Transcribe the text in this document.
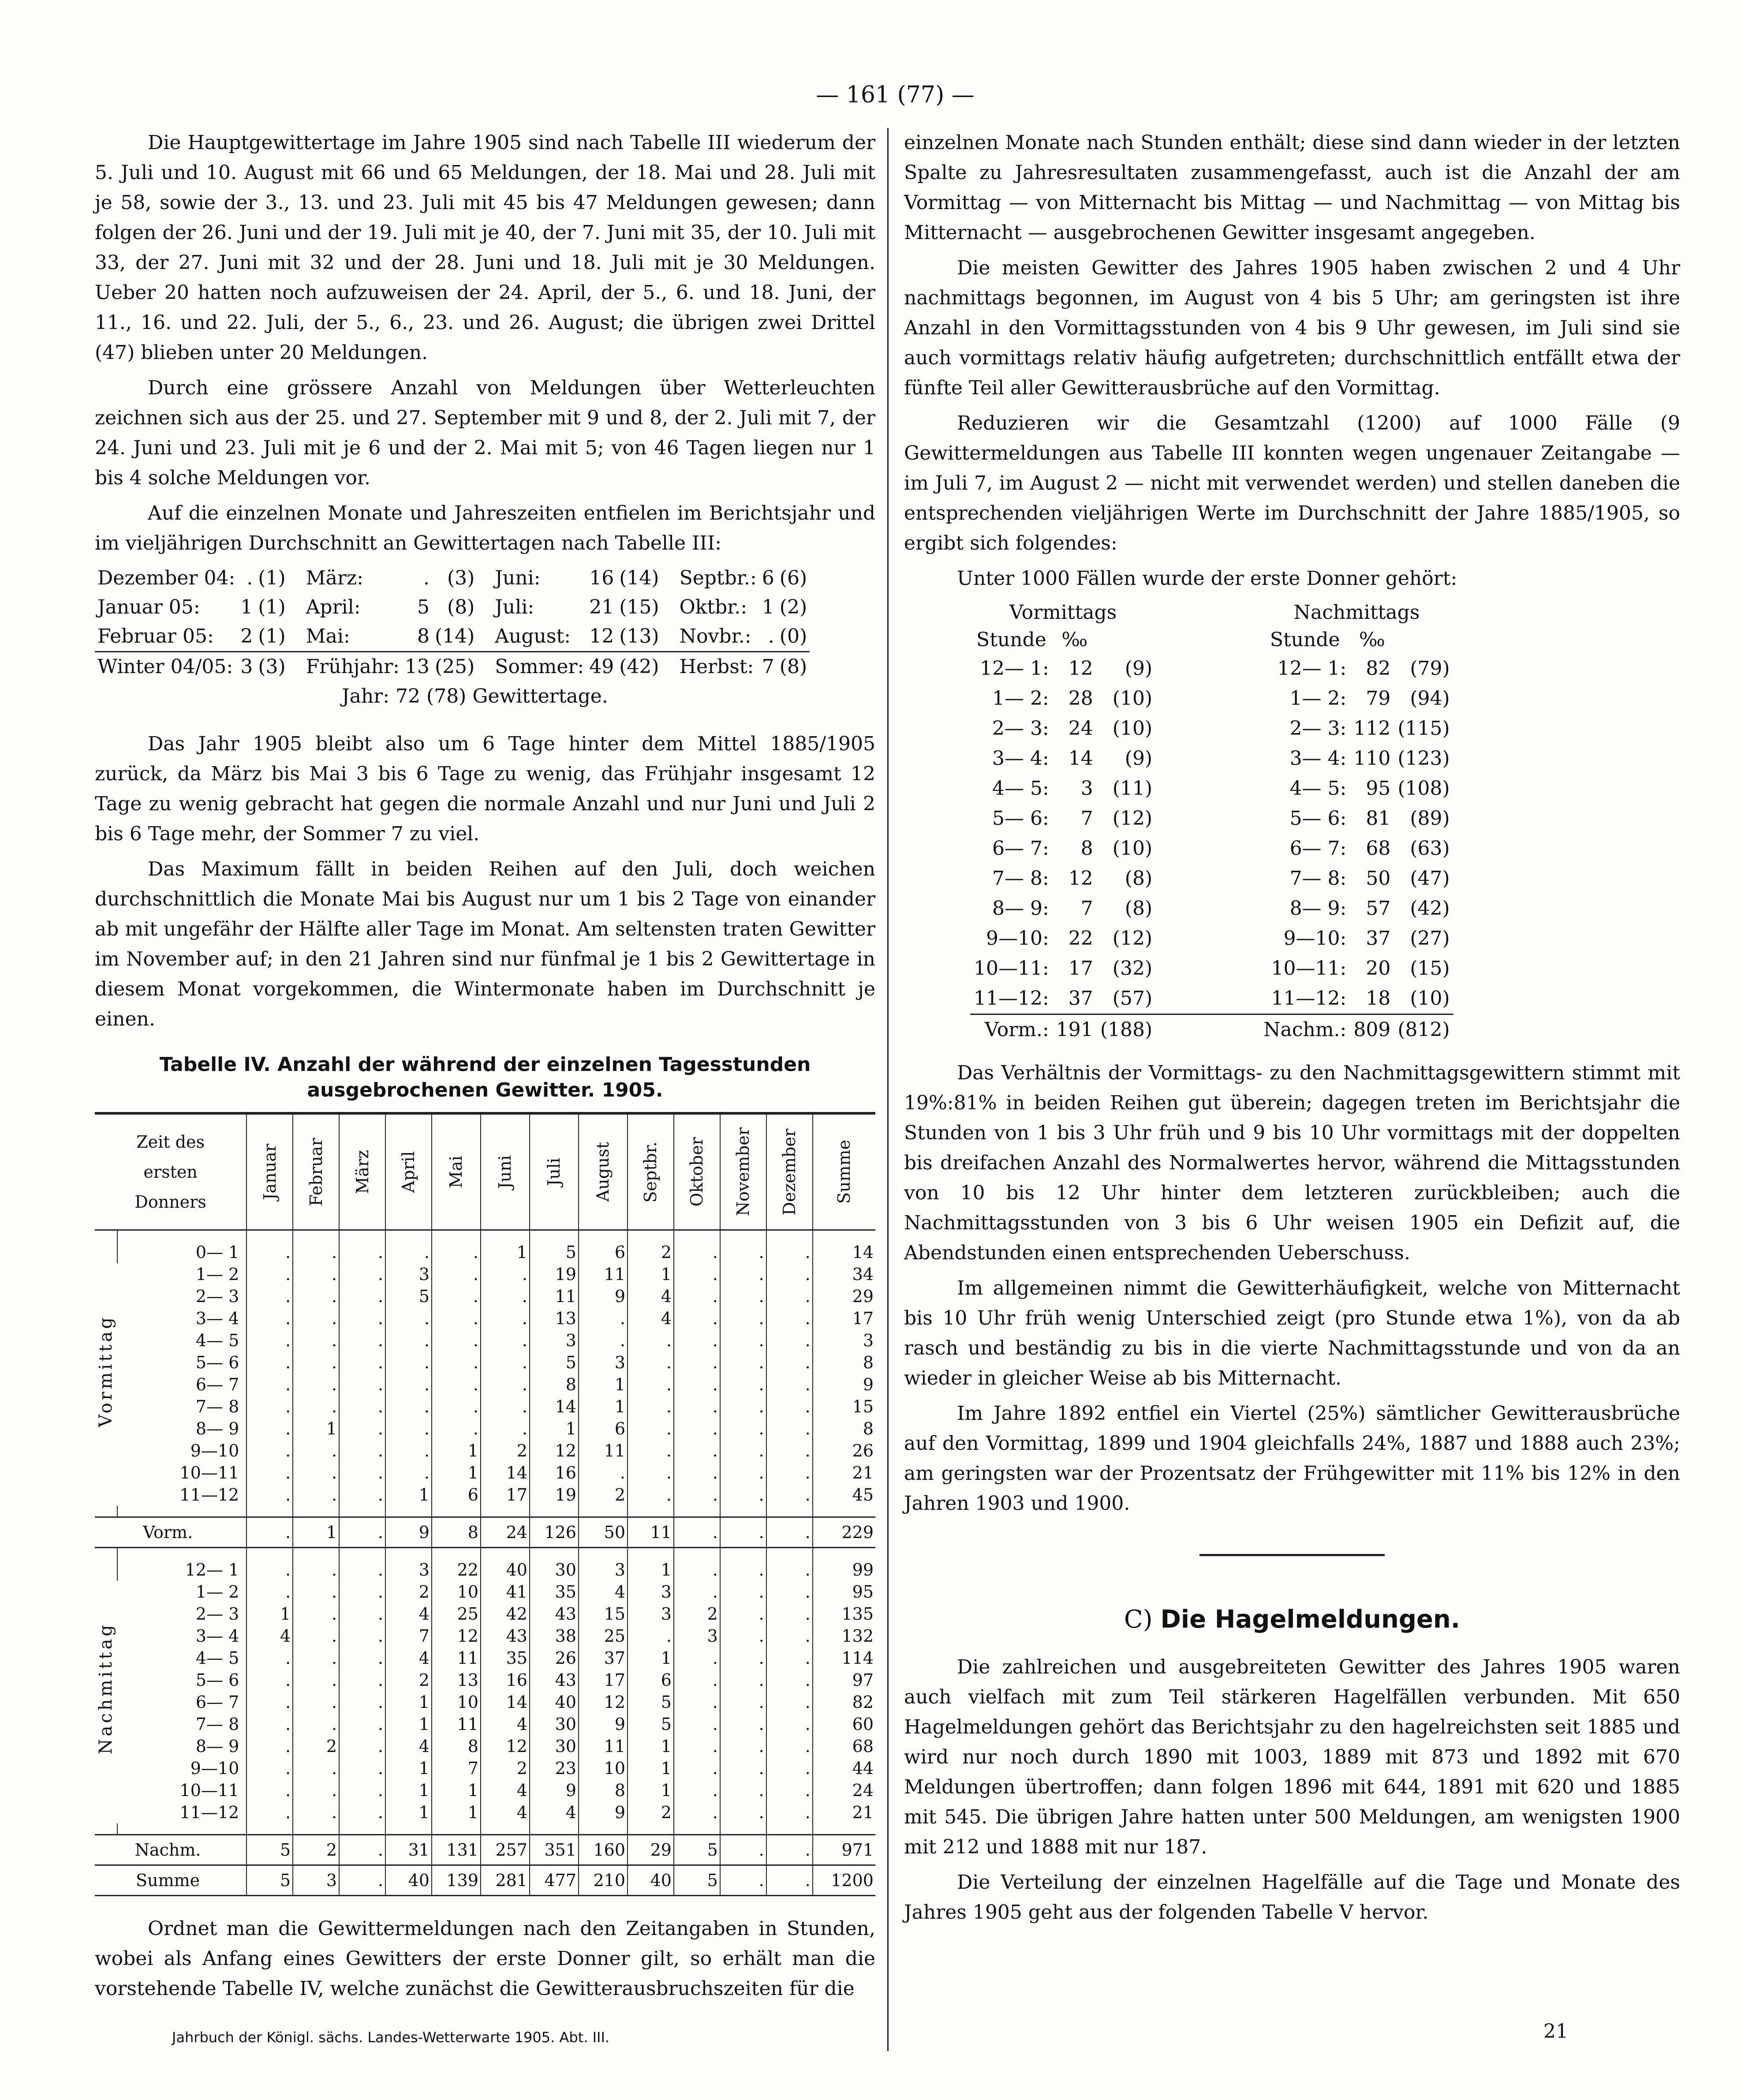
— 161 (77) —

Die Hauptgewittertage im Jahre 1905 sind nach Tabelle III wiederum der 5. Juli und 10. August mit 66 und 65 Meldungen, der 18. Mai und 28. Juli mit je 58, sowie der 3., 13. und 23. Juli mit 45 bis 47 Meldungen gewesen; dann folgen der 26. Juni und der 19. Juli mit je 40, der 7. Juni mit 35, der 10. Juli mit 33, der 27. Juni mit 32 und der 28. Juni und 18. Juli mit je 30 Meldungen. Ueber 20 hatten noch aufzuweisen der 24. April, der 5., 6. und 18. Juni, der 11., 16. und 22. Juli, der 5., 6., 23. und 26. August; die übrigen zwei Drittel (47) blieben unter 20 Meldungen.

Durch eine grössere Anzahl von Meldungen über Wetterleuchten zeichnen sich aus der 25. und 27. September mit 9 und 8, der 2. Juli mit 7, der 24. Juni und 23. Juli mit je 6 und der 2. Mai mit 5; von 46 Tagen liegen nur 1 bis 4 solche Meldungen vor.

Auf die einzelnen Monate und Jahreszeiten entfielen im Berichtsjahr und im vieljährigen Durchschnitt an Gewittertagen nach Tabelle III:

Dezember 04:	.	(1)	März:	.	(3)	Juni:	16	(14)	Septbr.:	6	(6)
Januar 05:	1	(1)	April:	5	(8)	Juli:	21	(15)	Oktbr.:	1	(2)
Februar 05:	2	(1)	Mai:	8	(14)	August:	12	(13)	Novbr.:	.	(0)
Winter 04/05:	3	(3)	Frühjahr:	13	(25)	Sommer:	49	(42)	Herbst:	7	(8)
Jahr: 72 (78) Gewittertage.

Das Jahr 1905 bleibt also um 6 Tage hinter dem Mittel 1885/1905 zurück, da März bis Mai 3 bis 6 Tage zu wenig, das Frühjahr insgesamt 12 Tage zu wenig gebracht hat gegen die normale Anzahl und nur Juni und Juli 2 bis 6 Tage mehr, der Sommer 7 zu viel.

Das Maximum fällt in beiden Reihen auf den Juli, doch weichen durchschnittlich die Monate Mai bis August nur um 1 bis 2 Tage von einander ab mit ungefähr der Hälfte aller Tage im Monat. Am seltensten traten Gewitter im November auf; in den 21 Jahren sind nur fünfmal je 1 bis 2 Gewittertage in diesem Monat vorgekommen, die Wintermonate haben im Durchschnitt je einen.

Tabelle IV. Anzahl der während der einzelnen Tagesstunden
ausgebrochenen Gewitter. 1905.
Zeit des
ersten
Donners		Januar	Februar	März	April	Mai	Juni	Juli	August	Septbr.	Oktober	November	Dezember	Summe

Vormittag	0— 1	.	.	.	.	.	1	5	6	2	.	.	.	14
	1— 2	.	.	.	3	.	.	19	11	1	.	.	.	34
	2— 3	.	.	.	5	.	.	11	9	4	.	.	.	29
	3— 4	.	.	.	.	.	.	13	.	4	.	.	.	17
	4— 5	.	.	.	.	.	.	3	.	.	.	.	.	3
	5— 6	.	.	.	.	.	.	5	3	.	.	.	.	8
	6— 7	.	.	.	.	.	.	8	1	.	.	.	.	9
	7— 8	.	.	.	.	.	.	14	1	.	.	.	.	15
	8— 9	.	1	.	.	.	.	1	6	.	.	.	.	8
	9—10	.	.	.	.	1	2	12	11	.	.	.	.	26
	10—11	.	.	.	.	1	14	16	.	.	.	.	.	21
	11—12	.	.	.	1	6	17	19	2	.	.	.	.	45

Vorm.		.	1	.	9	8	24	126	50	11	.	.	.	229

Nachmittag	12— 1	.	.	.	3	22	40	30	3	1	.	.	.	99
	1— 2	.	.	.	2	10	41	35	4	3	.	.	.	95
	2— 3	1	.	.	4	25	42	43	15	3	2	.	.	135
	3— 4	4	.	.	7	12	43	38	25	.	3	.	.	132
	4— 5	.	.	.	4	11	35	26	37	1	.	.	.	114
	5— 6	.	.	.	2	13	16	43	17	6	.	.	.	97
	6— 7	.	.	.	1	10	14	40	12	5	.	.	.	82
	7— 8	.	.	.	1	11	4	30	9	5	.	.	.	60
	8— 9	.	2	.	4	8	12	30	11	1	.	.	.	68
	9—10	.	.	.	1	7	2	23	10	1	.	.	.	44
	10—11	.	.	.	1	1	4	9	8	1	.	.	.	24
	11—12	.	.	.	1	1	4	4	9	2	.	.	.	21

Nachm.		5	2	.	31	131	257	351	160	29	5	.	.	971
Summe		5	3	.	40	139	281	477	210	40	5	.	.	1200

Ordnet man die Gewittermeldungen nach den Zeitangaben in Stunden, wobei als Anfang eines Gewitters der erste Donner gilt, so erhält man die vorstehende Tabelle IV, welche zunächst die Gewitterausbruchszeiten für die

einzelnen Monate nach Stunden enthält; diese sind dann wieder in der letzten Spalte zu Jahresresultaten zusammengefasst, auch ist die Anzahl der am Vormittag — von Mitternacht bis Mittag — und Nachmittag — von Mittag bis Mitternacht — ausgebrochenen Gewitter insgesamt angegeben.

Die meisten Gewitter des Jahres 1905 haben zwischen 2 und 4 Uhr nachmittags begonnen, im August von 4 bis 5 Uhr; am geringsten ist ihre Anzahl in den Vormittagsstunden von 4 bis 9 Uhr gewesen, im Juli sind sie auch vormittags relativ häufig aufgetreten; durchschnittlich entfällt etwa der fünfte Teil aller Gewitterausbrüche auf den Vormittag.

Reduzieren wir die Gesamtzahl (1200) auf 1000 Fälle (9 Gewittermeldungen aus Tabelle III konnten wegen ungenauer Zeitangabe — im Juli 7, im August 2 — nicht mit verwendet werden) und stellen daneben die entsprechenden vieljährigen Werte im Durchschnitt der Jahre 1885/1905, so ergibt sich folgendes:

Unter 1000 Fällen wurde der erste Donner gehört:

Vormittags				Nachmittags		
Stunde	‰			Stunde	‰	
12— 1:	12	(9)		12— 1:	82	(79)
1— 2:	28	(10)		1— 2:	79	(94)
2— 3:	24	(10)		2— 3:	112	(115)
3— 4:	14	(9)		3— 4:	110	(123)
4— 5:	3	(11)		4— 5:	95	(108)
5— 6:	7	(12)		5— 6:	81	(89)
6— 7:	8	(10)		6— 7:	68	(63)
7— 8:	12	(8)		7— 8:	50	(47)
8— 9:	7	(8)		8— 9:	57	(42)
9—10:	22	(12)		9—10:	37	(27)
10—11:	17	(32)		10—11:	20	(15)
11—12:	37	(57)		11—12:	18	(10)
Vorm.:	191	(188)		Nachm.:	809	(812)

Das Verhältnis der Vormittags- zu den Nachmittagsgewittern stimmt mit 19%:81% in beiden Reihen gut überein; dagegen treten im Berichtsjahr die Stunden von 1 bis 3 Uhr früh und 9 bis 10 Uhr vormittags mit der doppelten bis dreifachen Anzahl des Normalwertes hervor, während die Mittagsstunden von 10 bis 12 Uhr hinter dem letzteren zurückbleiben; auch die Nachmittagsstunden von 3 bis 6 Uhr weisen 1905 ein Defizit auf, die Abendstunden einen entsprechenden Ueberschuss.

Im allgemeinen nimmt die Gewitterhäufigkeit, welche von Mitternacht bis 10 Uhr früh wenig Unterschied zeigt (pro Stunde etwa 1%), von da ab rasch und beständig zu bis in die vierte Nachmittagsstunde und von da an wieder in gleicher Weise ab bis Mitternacht.

Im Jahre 1892 entfiel ein Viertel (25%) sämtlicher Gewitterausbrüche auf den Vormittag, 1899 und 1904 gleichfalls 24%, 1887 und 1888 auch 23%; am geringsten war der Prozentsatz der Frühgewitter mit 11% bis 12% in den Jahren 1903 und 1900.

C) Die Hagelmeldungen.

Die zahlreichen und ausgebreiteten Gewitter des Jahres 1905 waren auch vielfach mit zum Teil stärkeren Hagelfällen verbunden. Mit 650 Hagelmeldungen gehört das Berichtsjahr zu den hagelreichsten seit 1885 und wird nur noch durch 1890 mit 1003, 1889 mit 873 und 1892 mit 670 Meldungen übertroffen; dann folgen 1896 mit 644, 1891 mit 620 und 1885 mit 545. Die übrigen Jahre hatten unter 500 Meldungen, am wenigsten 1900 mit 212 und 1888 mit nur 187.

Die Verteilung der einzelnen Hagelfälle auf die Tage und Monate des Jahres 1905 geht aus der folgenden Tabelle V hervor.

Jahrbuch der Königl. sächs. Landes-Wetterwarte 1905. Abt. III.	21
